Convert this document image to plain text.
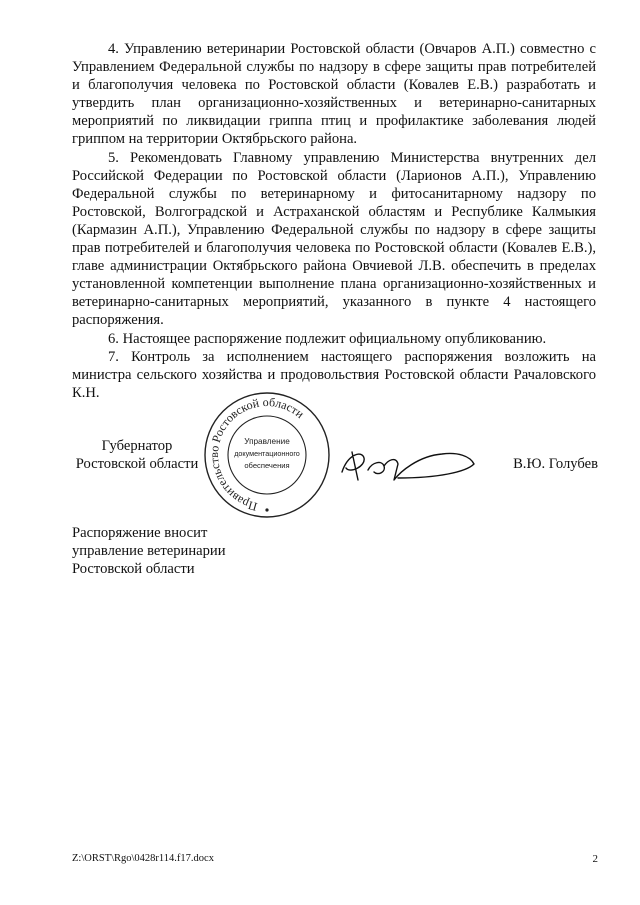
4. Управлению ветеринарии Ростовской области (Овчаров А.П.) совместно с Управлением Федеральной службы по надзору в сфере защиты прав потребителей и благополучия человека по Ростовской области (Ковалев Е.В.) разработать и утвердить план организационно-хозяйственных и ветеринарно-санитарных мероприятий по ликвидации гриппа птиц и профилактике заболевания людей гриппом на территории Октябрьского района.

5. Рекомендовать Главному управлению Министерства внутренних дел Российской Федерации по Ростовской области (Ларионов А.П.), Управлению Федеральной службы по ветеринарному и фитосанитарному надзору по Ростовской, Волгоградской и Астраханской областям и Республике Калмыкия (Кармазин А.П.), Управлению Федеральной службы по надзору в сфере защиты прав потребителей и благополучия человека по Ростовской области (Ковалев Е.В.), главе администрации Октябрьского района Овчиевой Л.В. обеспечить в пределах установленной компетенции выполнение плана организационно-хозяйственных и ветеринарно-санитарных мероприятий, указанного в пункте 4 настоящего распоряжения.

6. Настоящее распоряжение подлежит официальному опубликованию.

7. Контроль за исполнением настоящего распоряжения возложить на министра сельского хозяйства и продовольствия Ростовской области Рачаловского К.Н.

Губернатор
Ростовской области
Правительство Ростовской области
Управление
документационного
обеспечения	В.Ю. Голубев
Распоряжение вносит
управление ветеринарии
Ростовской области
Z:\ORST\Rgo\0428r114.f17.docx	2
